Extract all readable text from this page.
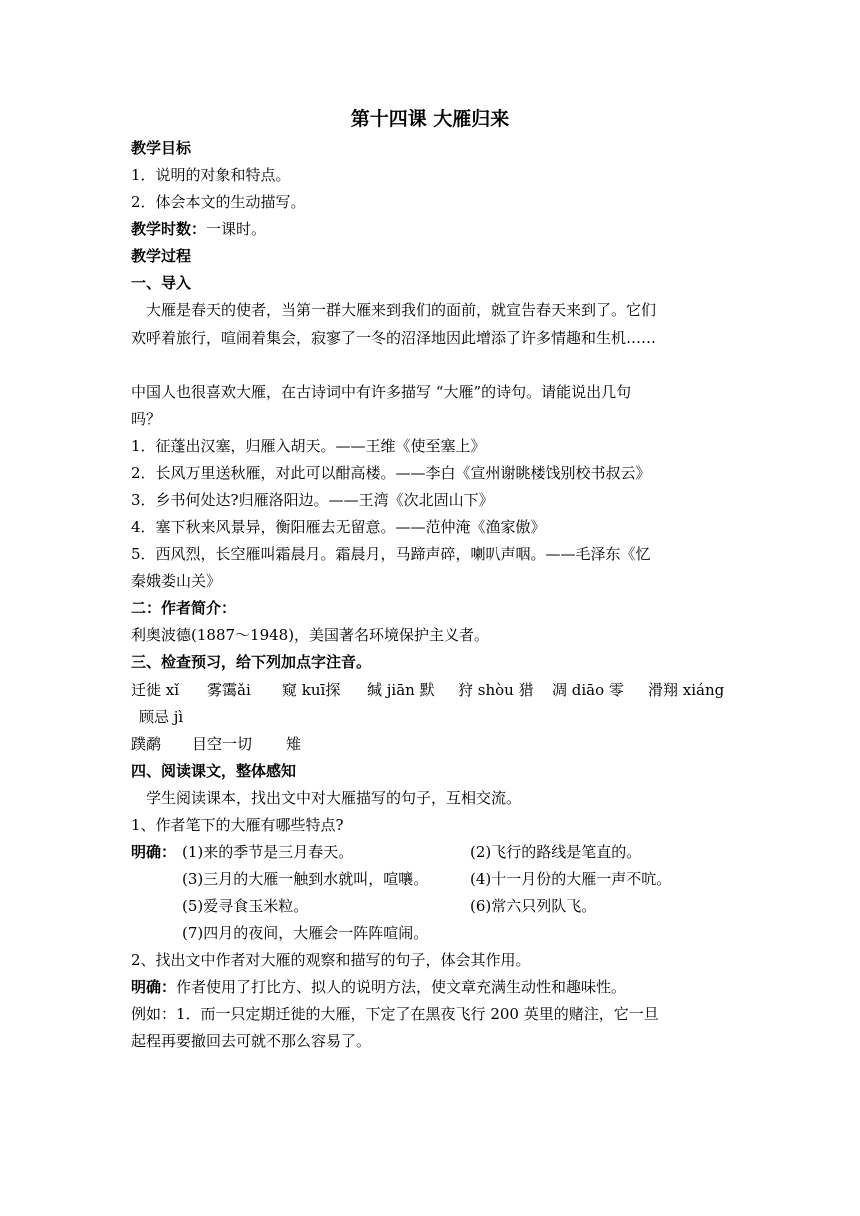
第十四课 大雁归来
教学目标
1．说明的对象和特点。
2．体会本文的生动描写。
教学时数：一课时。
教学过程
一、导入
　大雁是春天的使者，当第一群大雁来到我们的面前，就宣告春天来到了。它们
欢呼着旅行，喧闹着集会，寂寥了一冬的沼泽地因此增添了许多情趣和生机……
中国人也很喜欢大雁，在古诗词中有许多描写 “大雁”的诗句。请能说出几句
吗？
1．征蓬出汉塞，归雁入胡天。——王维《使至塞上》
2．长风万里送秋雁，对此可以酣高楼。——李白《宣州谢眺楼饯别校书叔云》
3．乡书何处达?归雁洛阳边。——王湾《次北固山下》
4．塞下秋来风景异，衡阳雁去无留意。——范仲淹《渔家傲》
5．西风烈，长空雁叫霜晨月。霜晨月，马蹄声碎，喇叭声咽。——毛泽东《忆
秦娥娄山关》
二：作者简介：
利奥波德(1887～1948)，美国著名环境保护主义者。
三、检查预习，给下列加点字注音。
迁徙 xǐ 雾霭ǎi 窥 kuī探 缄 jiān 默 狩 shòu 猎 凋 diāo 零 滑翔 xiáng
顾忌 jì
蹼鹬 目空一切 雉
四、阅读课文，整体感知
　学生阅读课本，找出文中对大雁描写的句子，互相交流。
1、作者笔下的大雁有哪些特点?
明确： (1)来的季节是三月春天。	(2)飞行的路线是笔直的。
(3)三月的大雁一触到水就叫，喧嚷。	(4)十一月份的大雁一声不吭。
(5)爱寻食玉米粒。	(6)常六只列队飞。
(7)四月的夜间，大雁会一阵阵喧闹。
2、找出文中作者对大雁的观察和描写的句子，体会其作用。
明确：作者使用了打比方、拟人的说明方法，使文章充满生动性和趣味性。
例如：1．而一只定期迁徙的大雁，下定了在黑夜飞行 200 英里的赌注，它一旦
起程再要撤回去可就不那么容易了。
